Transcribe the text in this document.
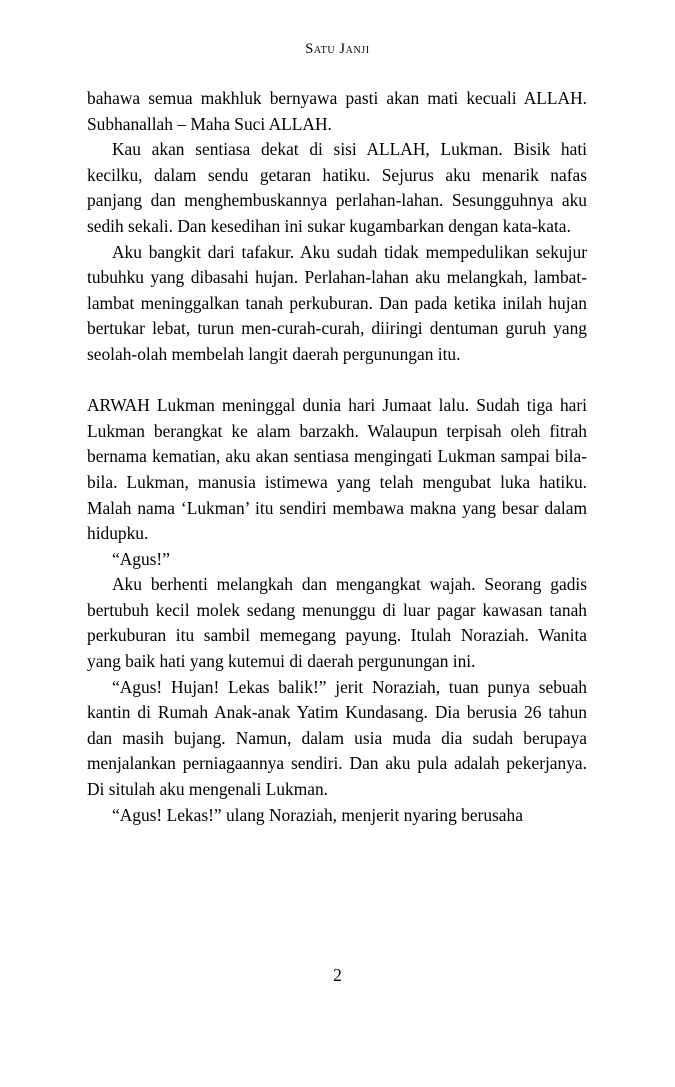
Satu Janji

bahawa semua makhluk bernyawa pasti akan mati kecuali ALLAH. Subhanallah – Maha Suci ALLAH.

Kau akan sentiasa dekat di sisi ALLAH, Lukman. Bisik hati kecilku, dalam sendu getaran hatiku. Sejurus aku menarik nafas panjang dan menghembuskannya perlahan-lahan. Sesungguhnya aku sedih sekali. Dan kesedihan ini sukar kugambarkan dengan kata-kata.

Aku bangkit dari tafakur. Aku sudah tidak mempedulikan sekujur tubuhku yang dibasahi hujan. Perlahan-lahan aku melangkah, lambat-lambat meninggalkan tanah perkuburan. Dan pada ketika inilah hujan bertukar lebat, turun men-curah-curah, diiringi dentuman guruh yang seolah-olah membelah langit daerah pergunungan itu.

ARWAH Lukman meninggal dunia hari Jumaat lalu. Sudah tiga hari Lukman berangkat ke alam barzakh. Walaupun terpisah oleh fitrah bernama kematian, aku akan sentiasa mengingati Lukman sampai bila-bila. Lukman, manusia istimewa yang telah mengubat luka hatiku. Malah nama ‘Lukman’ itu sendiri membawa makna yang besar dalam hidupku.

“Agus!”

Aku berhenti melangkah dan mengangkat wajah. Seorang gadis bertubuh kecil molek sedang menunggu di luar pagar kawasan tanah perkuburan itu sambil memegang payung. Itulah Noraziah. Wanita yang baik hati yang kutemui di daerah pergunungan ini.

“Agus! Hujan! Lekas balik!” jerit Noraziah, tuan punya sebuah kantin di Rumah Anak-anak Yatim Kundasang. Dia berusia 26 tahun dan masih bujang. Namun, dalam usia muda dia sudah berupaya menjalankan perniagaannya sendiri. Dan aku pula adalah pekerjanya. Di situlah aku mengenali Lukman.

“Agus! Lekas!” ulang Noraziah, menjerit nyaring berusaha

2
